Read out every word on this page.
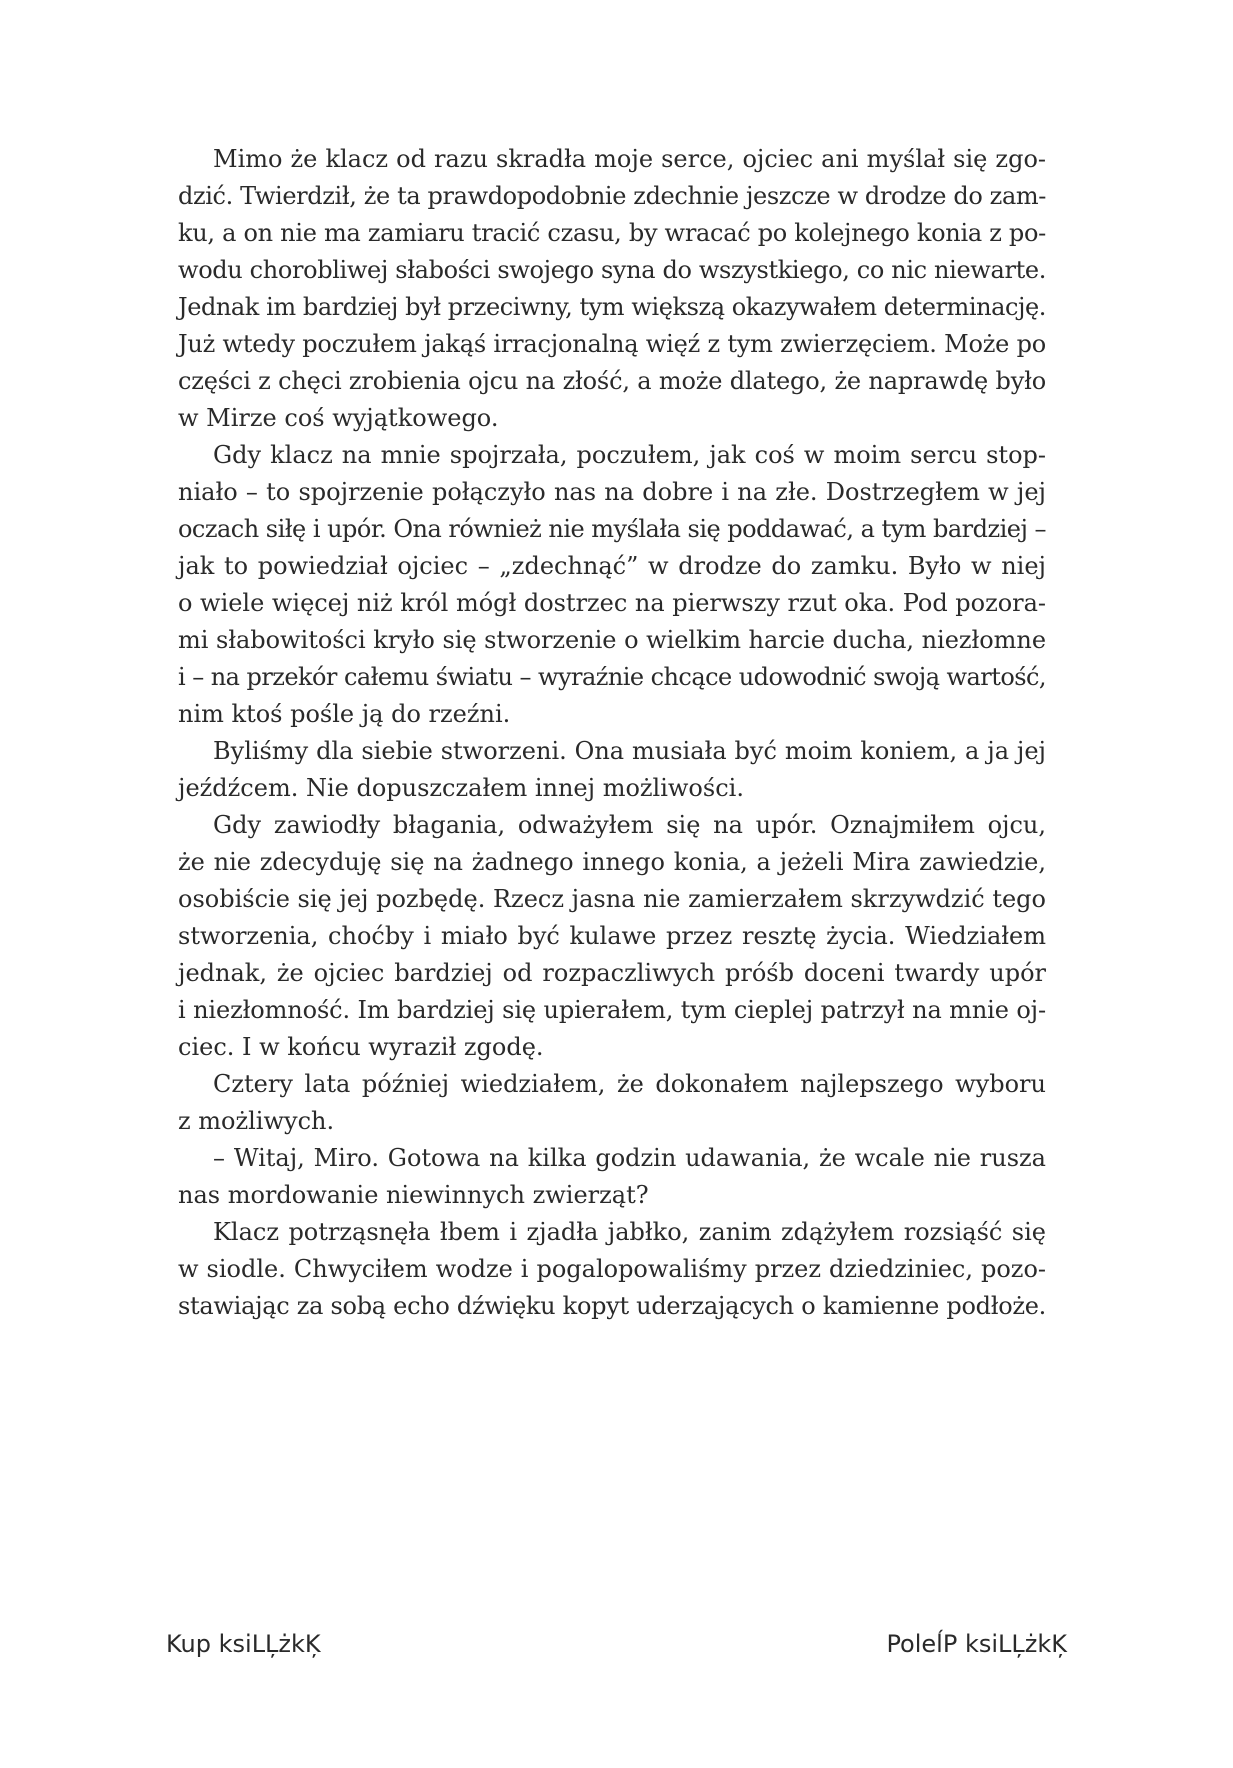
Mimo że klacz od razu skradła moje serce, ojciec ani myślał się zgo-
dzić. Twierdził, że ta prawdopodobnie zdechnie jeszcze w drodze do zam-
ku, a on nie ma zamiaru tracić czasu, by wracać po kolejnego konia z po-
wodu chorobliwej słabości swojego syna do wszystkiego, co nic niewarte.
Jednak im bardziej był przeciwny, tym większą okazywałem determinację.
Już wtedy poczułem jakąś irracjonalną więź z tym zwierzęciem. Może po
części z chęci zrobienia ojcu na złość, a może dlatego, że naprawdę było
w Mirze coś wyjątkowego.
Gdy klacz na mnie spojrzała, poczułem, jak coś w moim sercu stop-
niało – to spojrzenie połączyło nas na dobre i na złe. Dostrzegłem w jej
oczach siłę i upór. Ona również nie myślała się poddawać, a tym bardziej –
jak to powiedział ojciec – „zdechnąć” w drodze do zamku. Było w niej
o wiele więcej niż król mógł dostrzec na pierwszy rzut oka. Pod pozora-
mi słabowitości kryło się stworzenie o wielkim harcie ducha, niezłomne
i – na przekór całemu światu – wyraźnie chcące udowodnić swoją wartość,
nim ktoś pośle ją do rzeźni.
Byliśmy dla siebie stworzeni. Ona musiała być moim koniem, a ja jej
jeźdźcem. Nie dopuszczałem innej możliwości.
Gdy zawiodły błagania, odważyłem się na upór. Oznajmiłem ojcu,
że nie zdecyduję się na żadnego innego konia, a jeżeli Mira zawiedzie,
osobiście się jej pozbędę. Rzecz jasna nie zamierzałem skrzywdzić tego
stworzenia, choćby i miało być kulawe przez resztę życia. Wiedziałem
jednak, że ojciec bardziej od rozpaczliwych próśb doceni twardy upór
i niezłomność. Im bardziej się upierałem, tym cieplej patrzył na mnie oj-
ciec. I w końcu wyraził zgodę.
Cztery lata później wiedziałem, że dokonałem najlepszego wyboru
z możliwych.
– Witaj, Miro. Gotowa na kilka godzin udawania, że wcale nie rusza
nas mordowanie niewinnych zwierząt?
Klacz potrząsnęła łbem i zjadła jabłko, zanim zdążyłem rozsiąść się
w siodle. Chwyciłem wodze i pogalopowaliśmy przez dziedziniec, pozo-
stawiając za sobą echo dźwięku kopyt uderzających o kamienne podłoże.
Kup ksiLĻżkĶ	PoleĺP ksiLĻżkĶ
